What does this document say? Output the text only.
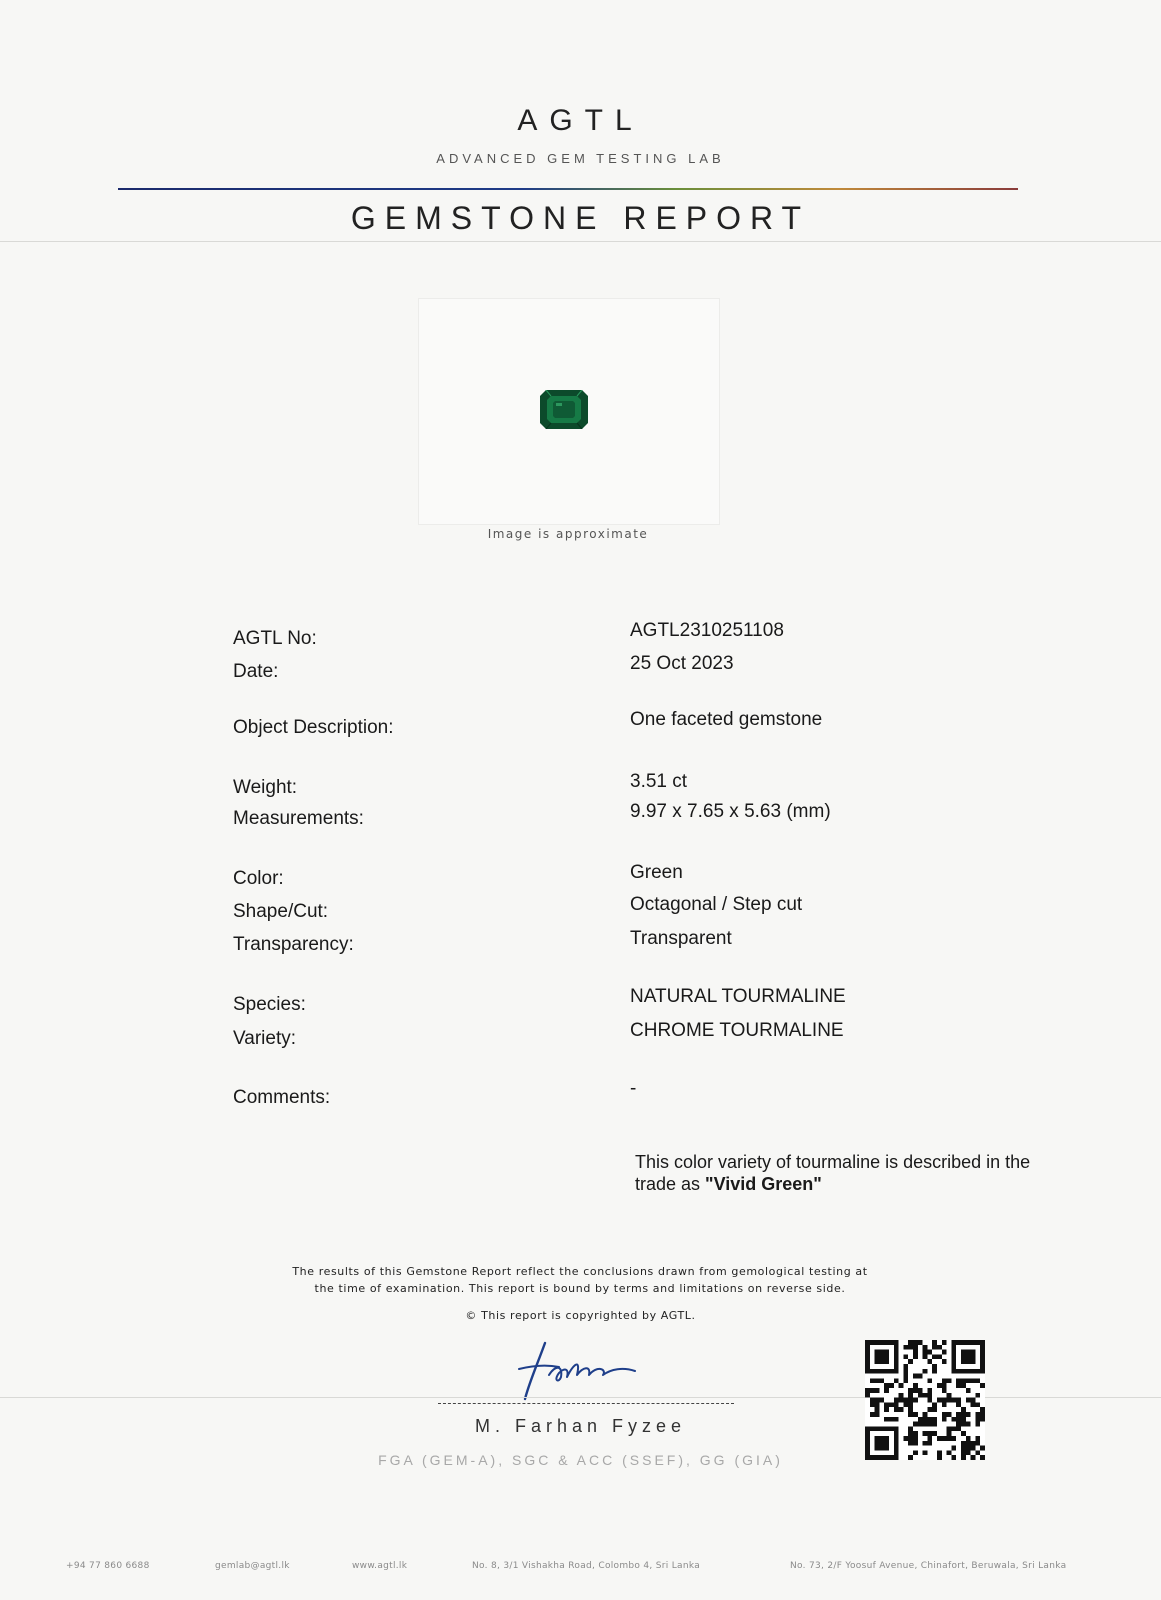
AGTL
ADVANCED GEM TESTING LAB
GEMSTONE REPORT
Image is approximate
AGTL No:	AGTL2310251108
Date:	25 Oct 2023
Object Description:	One faceted gemstone
Weight:	3.51 ct
Measurements:	9.97 x 7.65 x 5.63 (mm)
Color:	Green
Shape/Cut:	Octagonal / Step cut
Transparency:	Transparent
Species:	NATURAL TOURMALINE
Variety:	CHROME TOURMALINE
Comments:	-
This color variety of tourmaline is described in the trade as "Vivid Green"
The results of this Gemstone Report reflect the conclusions drawn from gemological testing at
the time of examination. This report is bound by terms and limitations on reverse side.
© This report is copyrighted by AGTL.
M. Farhan Fyzee
FGA (GEM-A), SGC & ACC (SSEF), GG (GIA)
+94 77 860 6688	gemlab@agtl.lk	www.agtl.lk	No. 8, 3/1 Vishakha Road, Colombo 4, Sri Lanka	No. 73, 2/F Yoosuf Avenue, Chinafort, Beruwala, Sri Lanka
